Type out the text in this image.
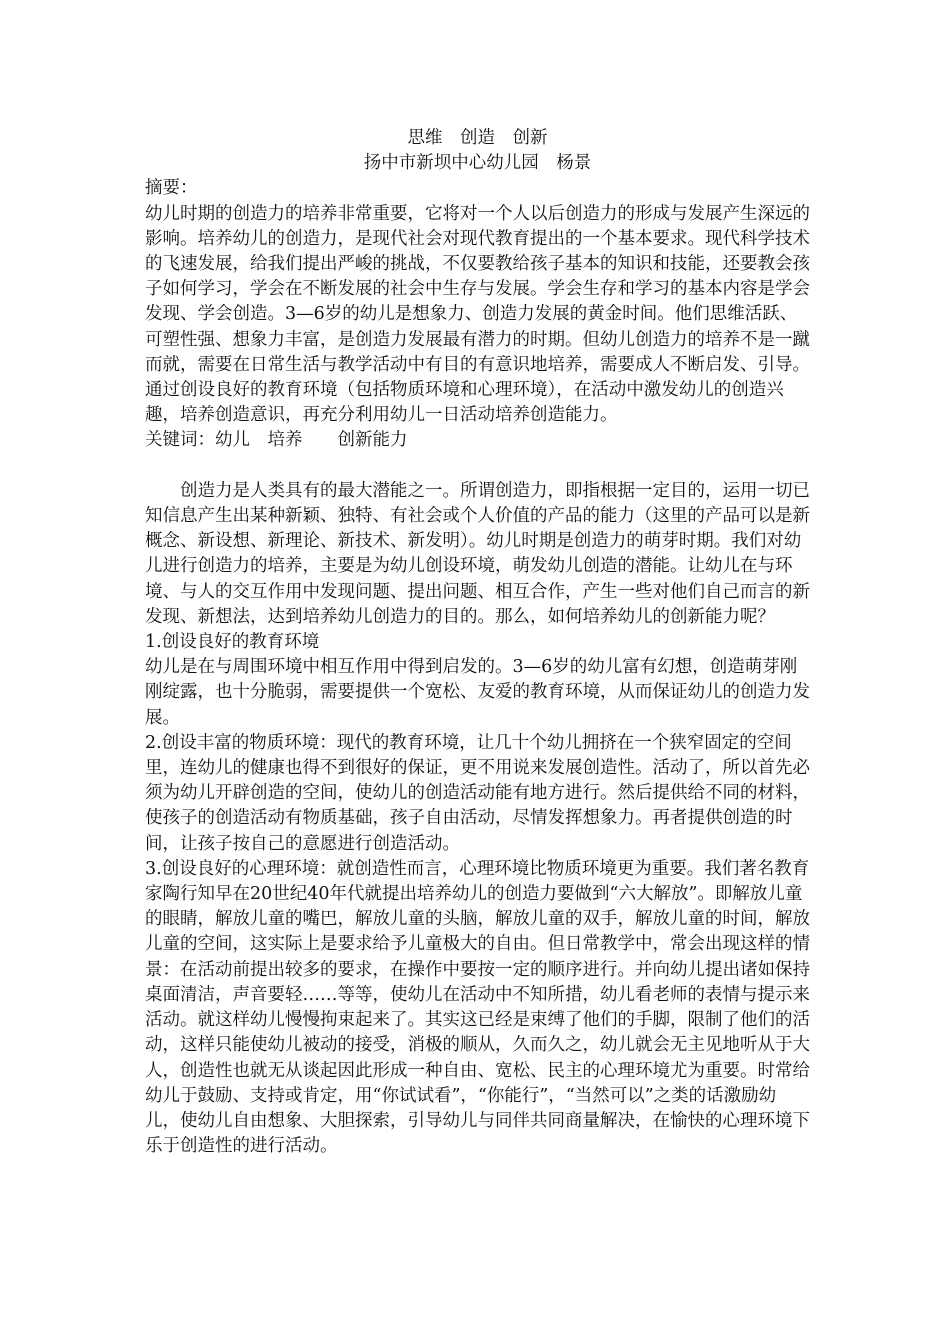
思维　创造　创新
扬中市新坝中心幼儿园　杨景
摘要：

幼儿时期的创造力的培养非常重要，它将对一个人以后创造力的形成与发展产生深远的影响。培养幼儿的创造力，是现代社会对现代教育提出的一个基本要求。现代科学技术的飞速发展，给我们提出严峻的挑战，不仅要教给孩子基本的知识和技能，还要教会孩子如何学习，学会在不断发展的社会中生存与发展。学会生存和学习的基本内容是学会发现、学会创造。3—6岁的幼儿是想象力、创造力发展的黄金时间。他们思维活跃、可塑性强、想象力丰富，是创造力发展最有潜力的时期。但幼儿创造力的培养不是一蹴而就，需要在日常生活与教学活动中有目的有意识地培养，需要成人不断启发、引导。通过创设良好的教育环境（包括物质环境和心理环境），在活动中激发幼儿的创造兴趣，培养创造意识，再充分利用幼儿一日活动培养创造能力。

关键词：幼儿　培养　　创新能力

创造力是人类具有的最大潜能之一。所谓创造力，即指根据一定目的，运用一切已知信息产生出某种新颖、独特、有社会或个人价值的产品的能力（这里的产品可以是新概念、新设想、新理论、新技术、新发明）。幼儿时期是创造力的萌芽时期。我们对幼儿进行创造力的培养，主要是为幼儿创设环境，萌发幼儿创造的潜能。让幼儿在与环境、与人的交互作用中发现问题、提出问题、相互合作，产生一些对他们自己而言的新发现、新想法，达到培养幼儿创造力的目的。那么，如何培养幼儿的创新能力呢？

1.创设良好的教育环境

幼儿是在与周围环境中相互作用中得到启发的。3—6岁的幼儿富有幻想，创造萌芽刚刚绽露，也十分脆弱，需要提供一个宽松、友爱的教育环境，从而保证幼儿的创造力发展。

2.创设丰富的物质环境：现代的教育环境，让几十个幼儿拥挤在一个狭窄固定的空间里，连幼儿的健康也得不到很好的保证，更不用说来发展创造性。活动了，所以首先必须为幼儿开辟创造的空间，使幼儿的创造活动能有地方进行。然后提供给不同的材料，使孩子的创造活动有物质基础，孩子自由活动，尽情发挥想象力。再者提供创造的时间，让孩子按自己的意愿进行创造活动。

3.创设良好的心理环境：就创造性而言，心理环境比物质环境更为重要。我们著名教育家陶行知早在20世纪40年代就提出培养幼儿的创造力要做到“六大解放”。即解放儿童的眼睛，解放儿童的嘴巴，解放儿童的头脑，解放儿童的双手，解放儿童的时间，解放儿童的空间，这实际上是要求给予儿童极大的自由。但日常教学中，常会出现这样的情景：在活动前提出较多的要求，在操作中要按一定的顺序进行。并向幼儿提出诸如保持桌面清洁，声音要轻……等等，使幼儿在活动中不知所措，幼儿看老师的表情与提示来活动。就这样幼儿慢慢拘束起来了。其实这已经是束缚了他们的手脚，限制了他们的活动，这样只能使幼儿被动的接受，消极的顺从，久而久之，幼儿就会无主见地听从于大人，创造性也就无从谈起因此形成一种自由、宽松、民主的心理环境尤为重要。时常给幼儿于鼓励、支持或肯定，用“你试试看”，“你能行”，“当然可以”之类的话激励幼儿，使幼儿自由想象、大胆探索，引导幼儿与同伴共同商量解决，在愉快的心理环境下乐于创造性的进行活动。
